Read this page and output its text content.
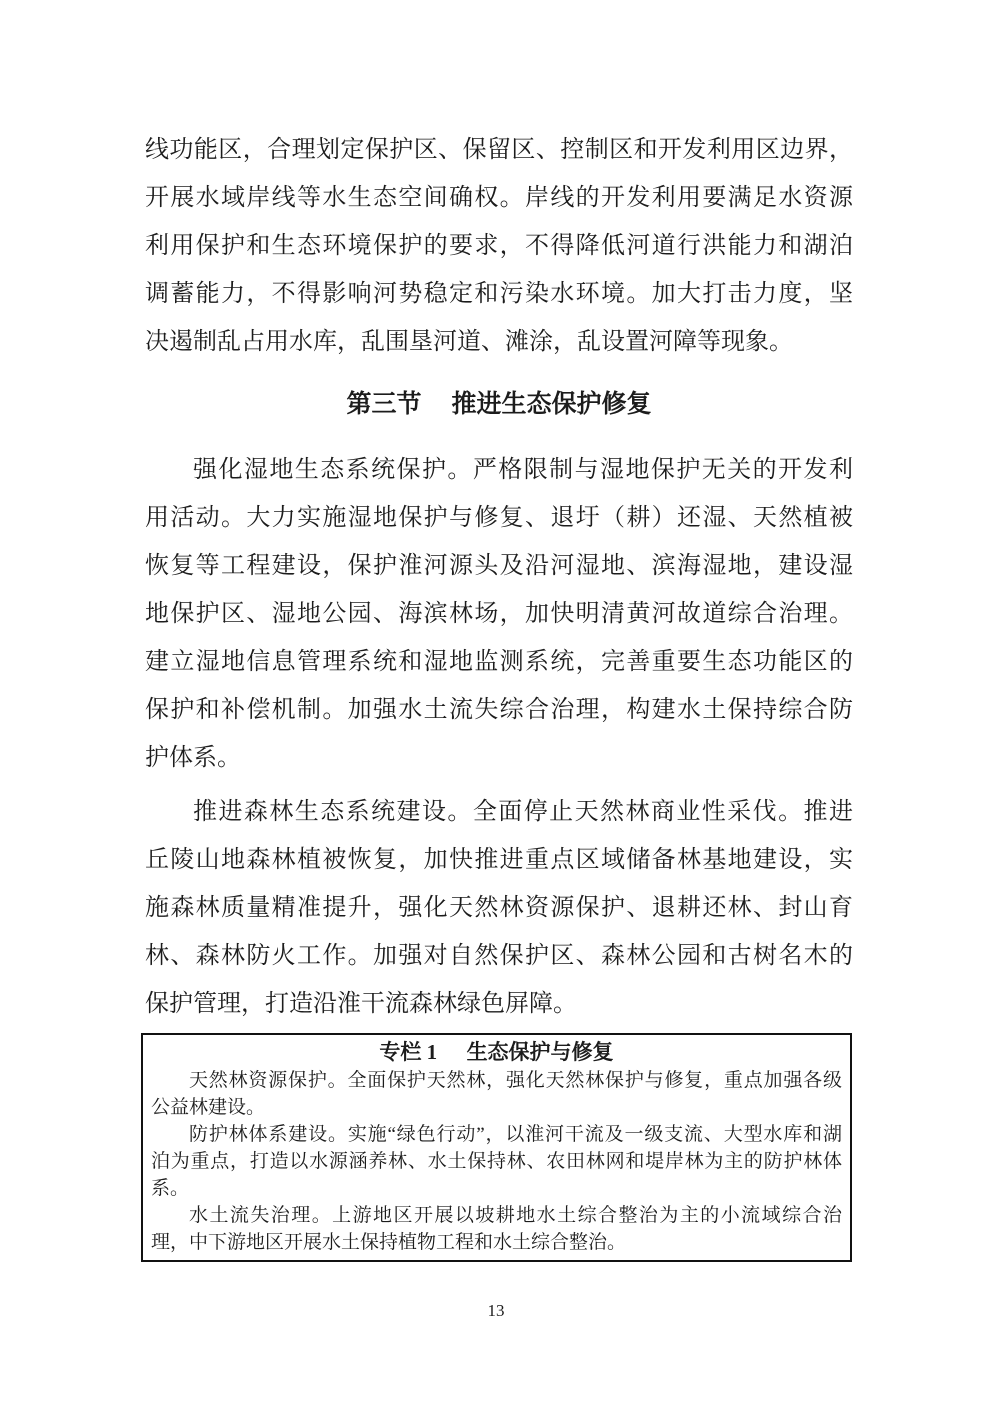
线功能区，合理划定保护区、保留区、控制区和开发利用区边界，
开展水域岸线等水生态空间确权。岸线的开发利用要满足水资源
利用保护和生态环境保护的要求，不得降低河道行洪能力和湖泊
调蓄能力，不得影响河势稳定和污染水环境。加大打击力度，坚
决遏制乱占用水库，乱围垦河道、滩涂，乱设置河障等现象。
第三节 推进生态保护修复
强化湿地生态系统保护。严格限制与湿地保护无关的开发利
用活动。大力实施湿地保护与修复、退圩（耕）还湿、天然植被
恢复等工程建设，保护淮河源头及沿河湿地、滨海湿地，建设湿
地保护区、湿地公园、海滨林场，加快明清黄河故道综合治理。
建立湿地信息管理系统和湿地监测系统，完善重要生态功能区的
保护和补偿机制。加强水土流失综合治理，构建水土保持综合防
护体系。
推进森林生态系统建设。全面停止天然林商业性采伐。推进
丘陵山地森林植被恢复，加快推进重点区域储备林基地建设，实
施森林质量精准提升，强化天然林资源保护、退耕还林、封山育
林、森林防火工作。加强对自然保护区、森林公园和古树名木的
保护管理，打造沿淮干流森林绿色屏障。
专栏 1 生态保护与修复
天然林资源保护。全面保护天然林，强化天然林保护与修复，重点加强各级
公益林建设。
防护林体系建设。实施“绿色行动”，以淮河干流及一级支流、大型水库和湖
泊为重点，打造以水源涵养林、水土保持林、农田林网和堤岸林为主的防护林体
系。
水土流失治理。上游地区开展以坡耕地水土综合整治为主的小流域综合治
理，中下游地区开展水土保持植物工程和水土综合整治。
13
